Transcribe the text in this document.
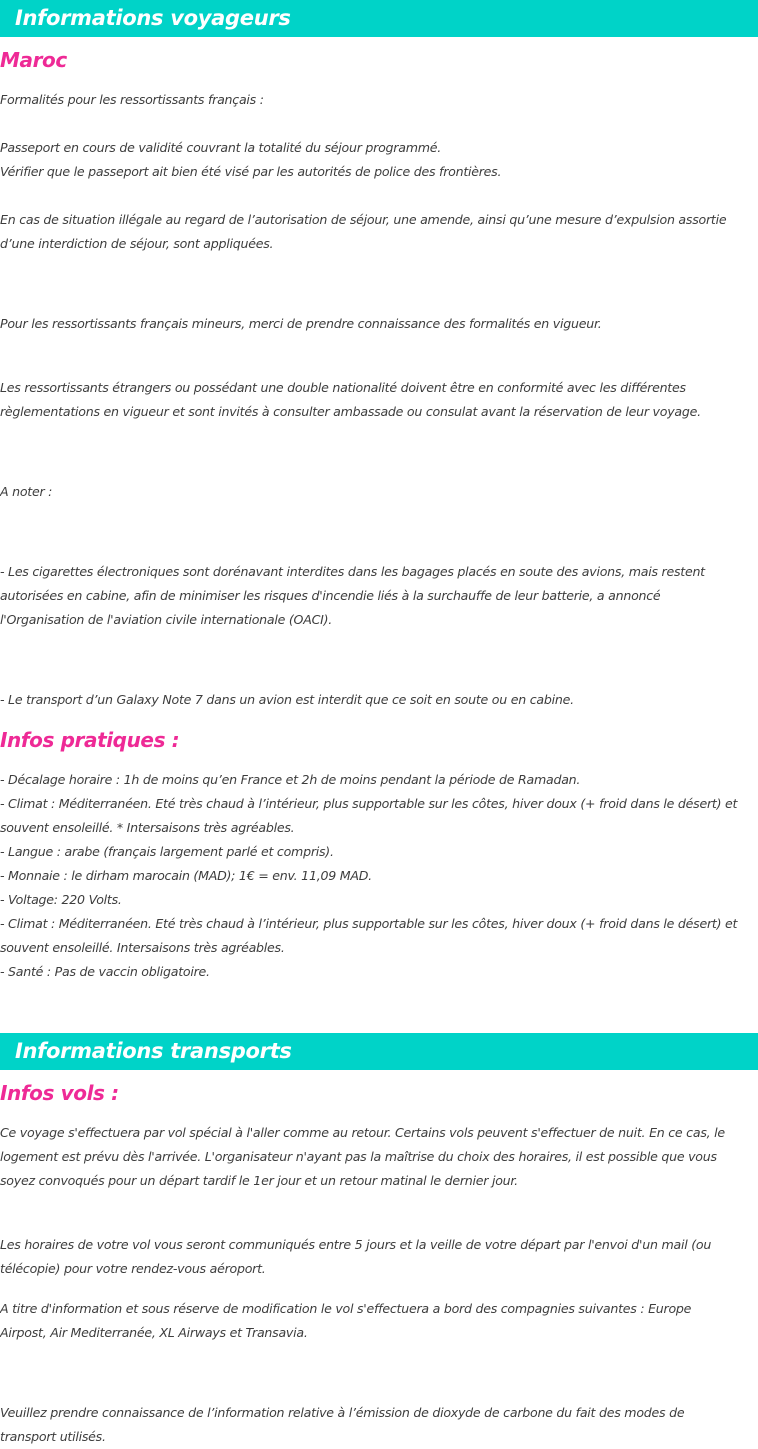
Informations voyageurs
Maroc
Formalités pour les ressortissants français :
Passeport en cours de validité couvrant la totalité du séjour programmé.
Vérifier que le passeport ait bien été visé par les autorités de police des frontières.
En cas de situation illégale au regard de l’autorisation de séjour, une amende, ainsi qu’une mesure d’expulsion assortie
d’une interdiction de séjour, sont appliquées.
Pour les ressortissants français mineurs, merci de prendre connaissance des formalités en vigueur.
Les ressortissants étrangers ou possédant une double nationalité doivent être en conformité avec les différentes
règlementations en vigueur et sont invités à consulter ambassade ou consulat avant la réservation de leur voyage.
A noter :
- Les cigarettes électroniques sont dorénavant interdites dans les bagages placés en soute des avions, mais restent
autorisées en cabine, afin de minimiser les risques d'incendie liés à la surchauffe de leur batterie, a annoncé
l'Organisation de l'aviation civile internationale (OACI).
- Le transport d’un Galaxy Note 7 dans un avion est interdit que ce soit en soute ou en cabine.
Infos pratiques :
- Décalage horaire : 1h de moins qu’en France et 2h de moins pendant la période de Ramadan.
- Climat : Méditerranéen. Eté très chaud à l’intérieur, plus supportable sur les côtes, hiver doux (+ froid dans le désert) et
souvent ensoleillé. * Intersaisons très agréables.
- Langue : arabe (français largement parlé et compris).
- Monnaie : le dirham marocain (MAD); 1€ = env. 11,09 MAD.
- Voltage: 220 Volts.
- Climat : Méditerranéen. Eté très chaud à l’intérieur, plus supportable sur les côtes, hiver doux (+ froid dans le désert) et
souvent ensoleillé. Intersaisons très agréables.
- Santé : Pas de vaccin obligatoire.
Informations transports
Infos vols :
Ce voyage s'effectuera par vol spécial à l'aller comme au retour. Certains vols peuvent s'effectuer de nuit. En ce cas, le
logement est prévu dès l'arrivée. L'organisateur n'ayant pas la maîtrise du choix des horaires, il est possible que vous
soyez convoqués pour un départ tardif le 1er jour et un retour matinal le dernier jour.
Les horaires de votre vol vous seront communiqués entre 5 jours et la veille de votre départ par l'envoi d'un mail (ou
télécopie) pour votre rendez-vous aéroport.
A titre d'information et sous réserve de modification le vol s'effectuera a bord des compagnies suivantes : Europe
Airpost, Air Mediterranée, XL Airways et Transavia.
Veuillez prendre connaissance de l’information relative à l’émission de dioxyde de carbone du fait des modes de
transport utilisés.
